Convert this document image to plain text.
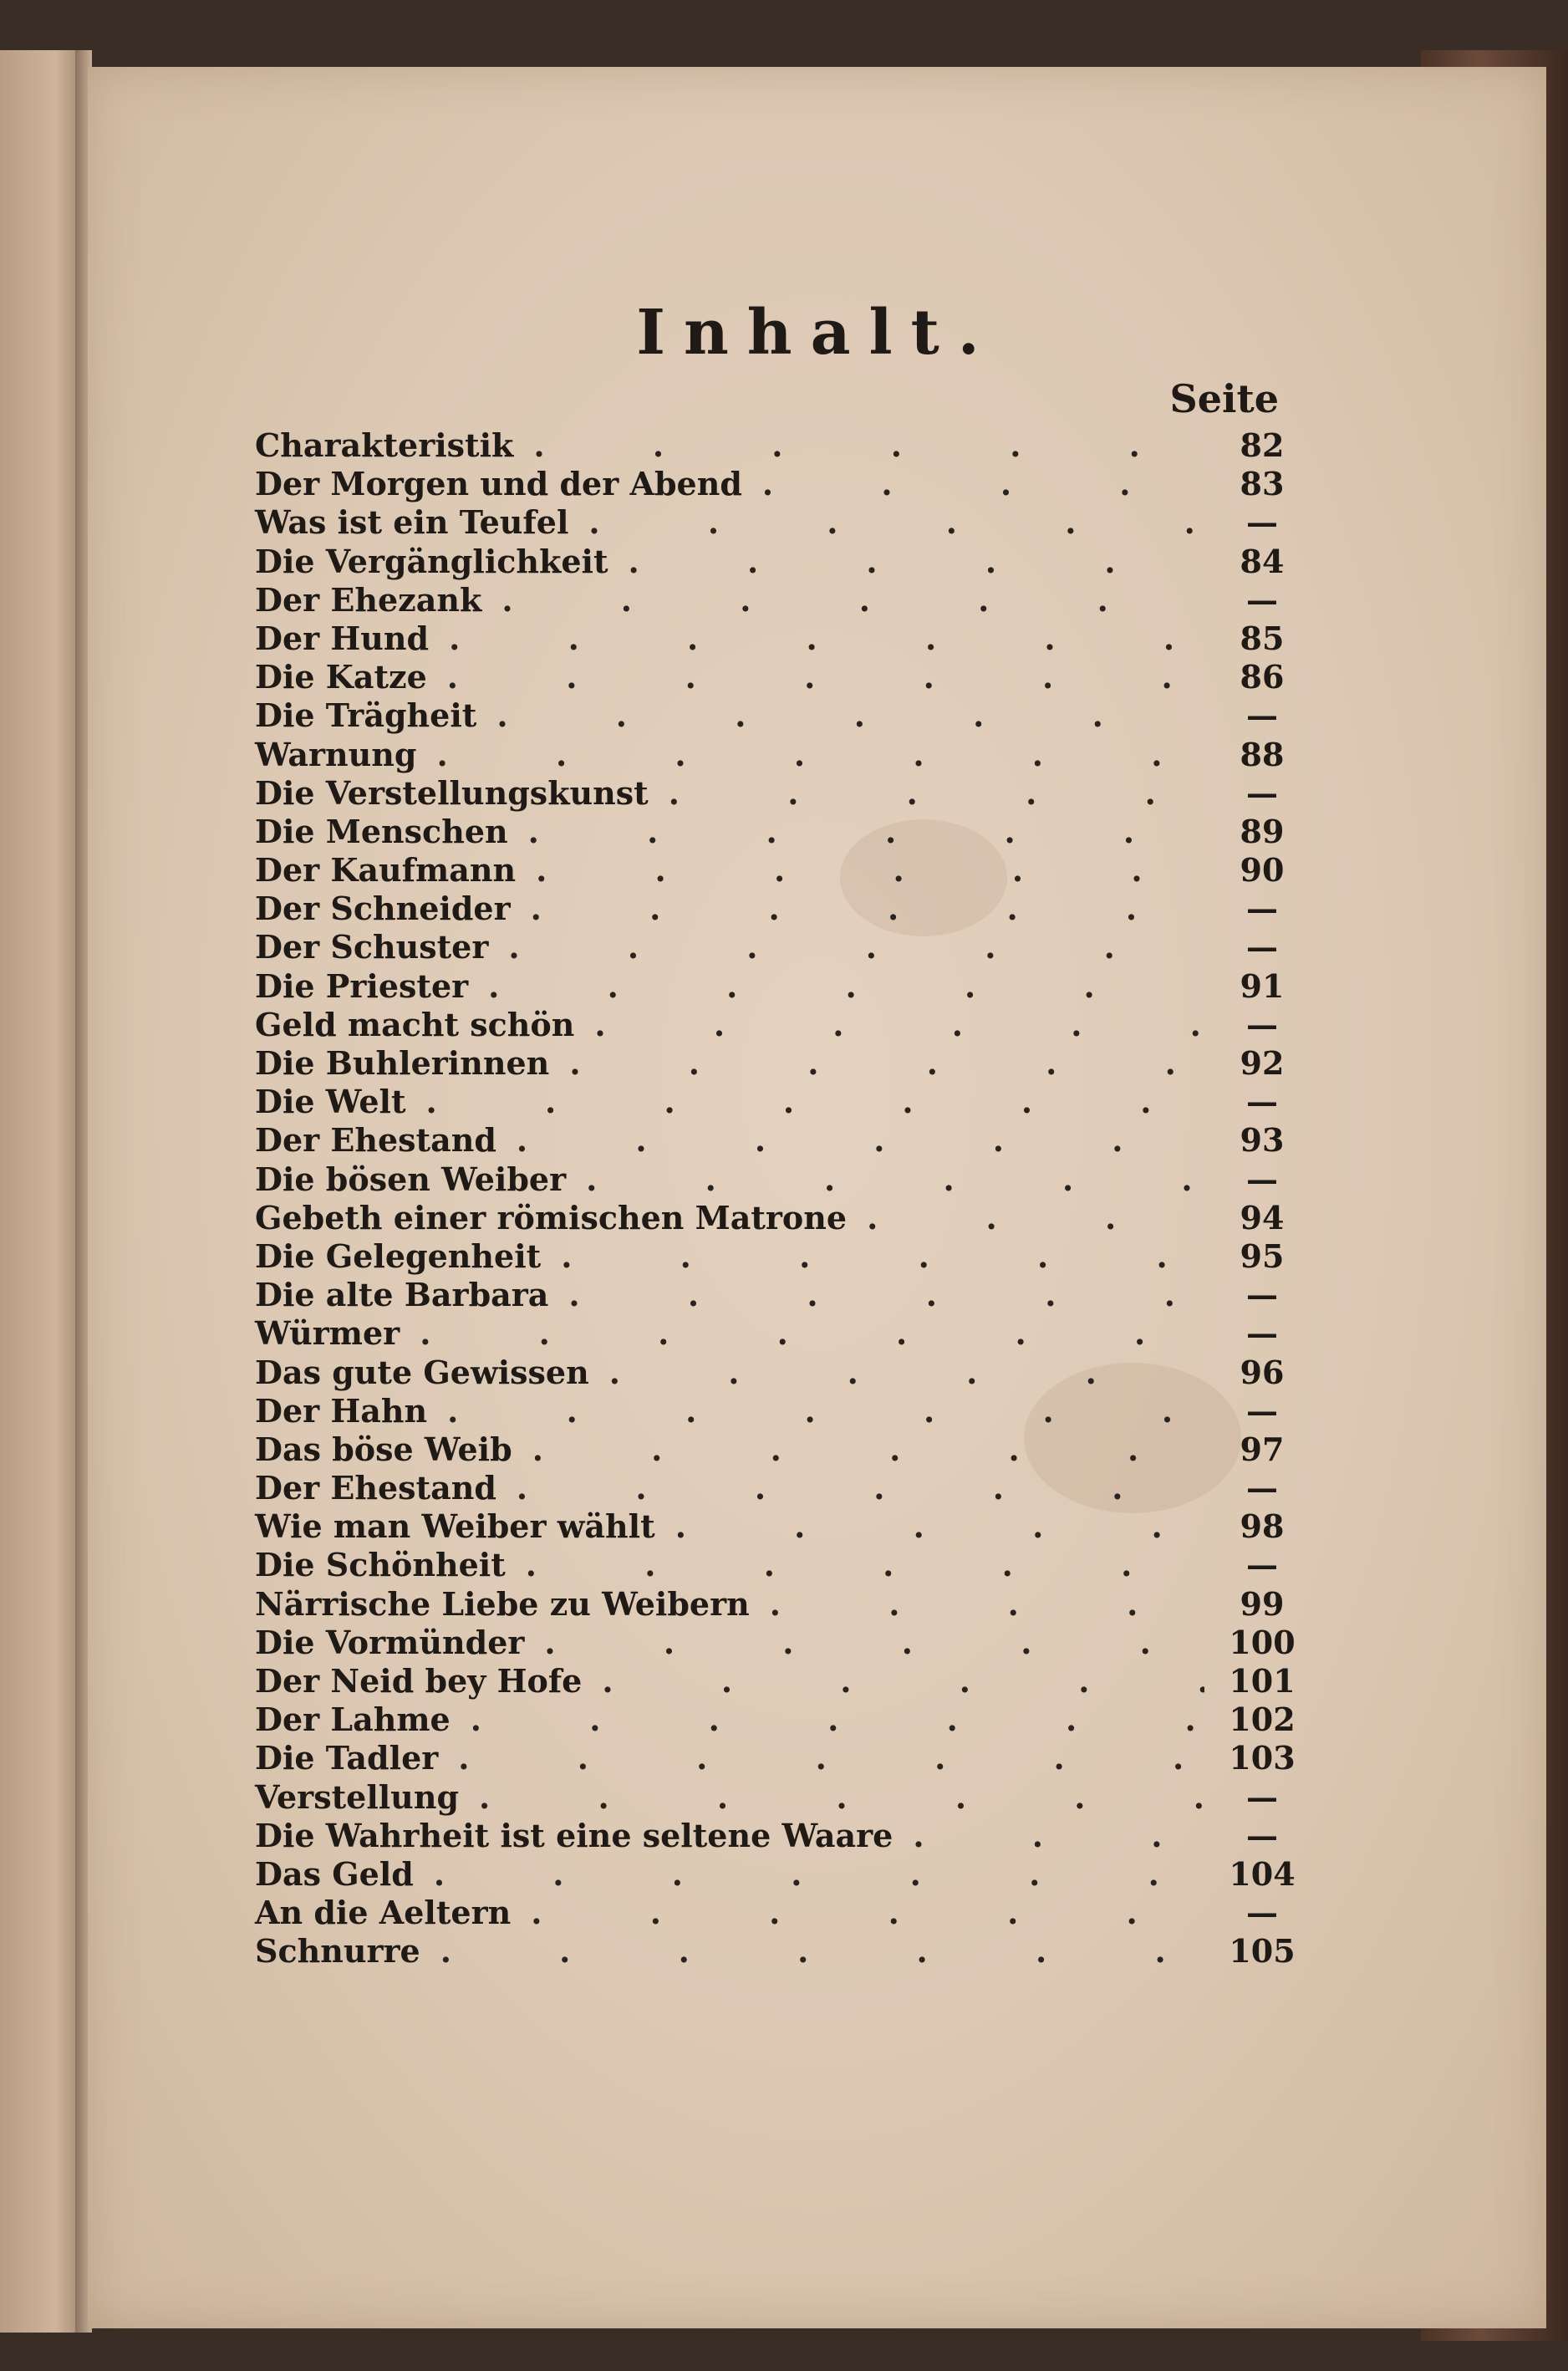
Inhalt.
Seite
Charakteristik . . .	82
Der Morgen und der Abend . . .	83
Was ist ein Teufel . . .	—
Die Vergänglichkeit . . .	84
Der Ehezank . . .	—
Der Hund . . .	85
Die Katze . . .	86
Die Trägheit . . .	—
Warnung . . .	88
Die Verstellungskunst . . .	—
Die Menschen . . .	89
Der Kaufmann . . .	90
Der Schneider . . .	—
Der Schuster . . .	—
Die Priester . . .	91
Geld macht schön . . .	—
Die Buhlerinnen . . .	92
Die Welt . . .	—
Der Ehestand . . .	93
Die bösen Weiber . . .	—
Gebeth einer römischen Matrone . . .	94
Die Gelegenheit . . .	95
Die alte Barbara . . .	—
Würmer . . .	—
Das gute Gewissen . . .	96
Der Hahn . . .	—
Das böse Weib . . .	97
Der Ehestand . . .	—
Wie man Weiber wählt . . .	98
Die Schönheit . . .	—
Närrische Liebe zu Weibern . . .	99
Die Vormünder . . .	100
Der Neid bey Hofe . . .	101
Der Lahme . . .	102
Die Tadler . . .	103
Verstellung . . .	—
Die Wahrheit ist eine seltene Waare . . .	—
Das Geld . . .	104
An die Aeltern . . .	—
Schnurre . . .	105
